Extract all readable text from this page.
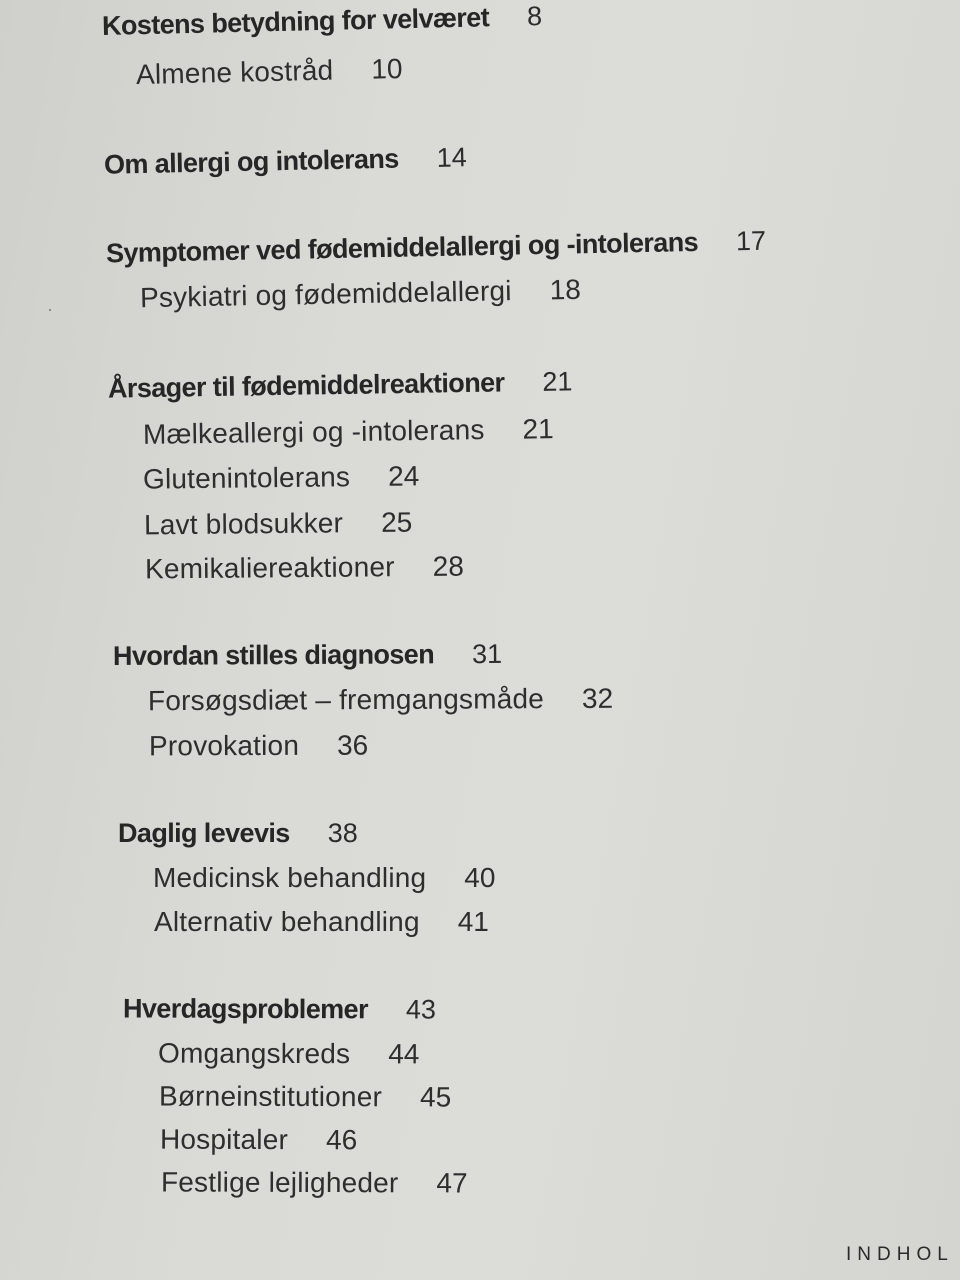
Kostens betydning for velværet 8
Almene kostråd 10
Om allergi og intolerans 14
Symptomer ved fødemiddelallergi og -intolerans 17
Psykiatri og fødemiddelallergi 18
Årsager til fødemiddelreaktioner 21
Mælkeallergi og -intolerans 21
Glutenintolerans 24
Lavt blodsukker 25
Kemikaliereaktioner 28
Hvordan stilles diagnosen 31
Forsøgsdiæt – fremgangsmåde 32
Provokation 36
Daglig levevis 38
Medicinsk behandling 40
Alternativ behandling 41
Hverdagsproblemer 43
Omgangskreds 44
Børneinstitutioner 45
Hospitaler 46
Festlige lejligheder 47
INDHOL
